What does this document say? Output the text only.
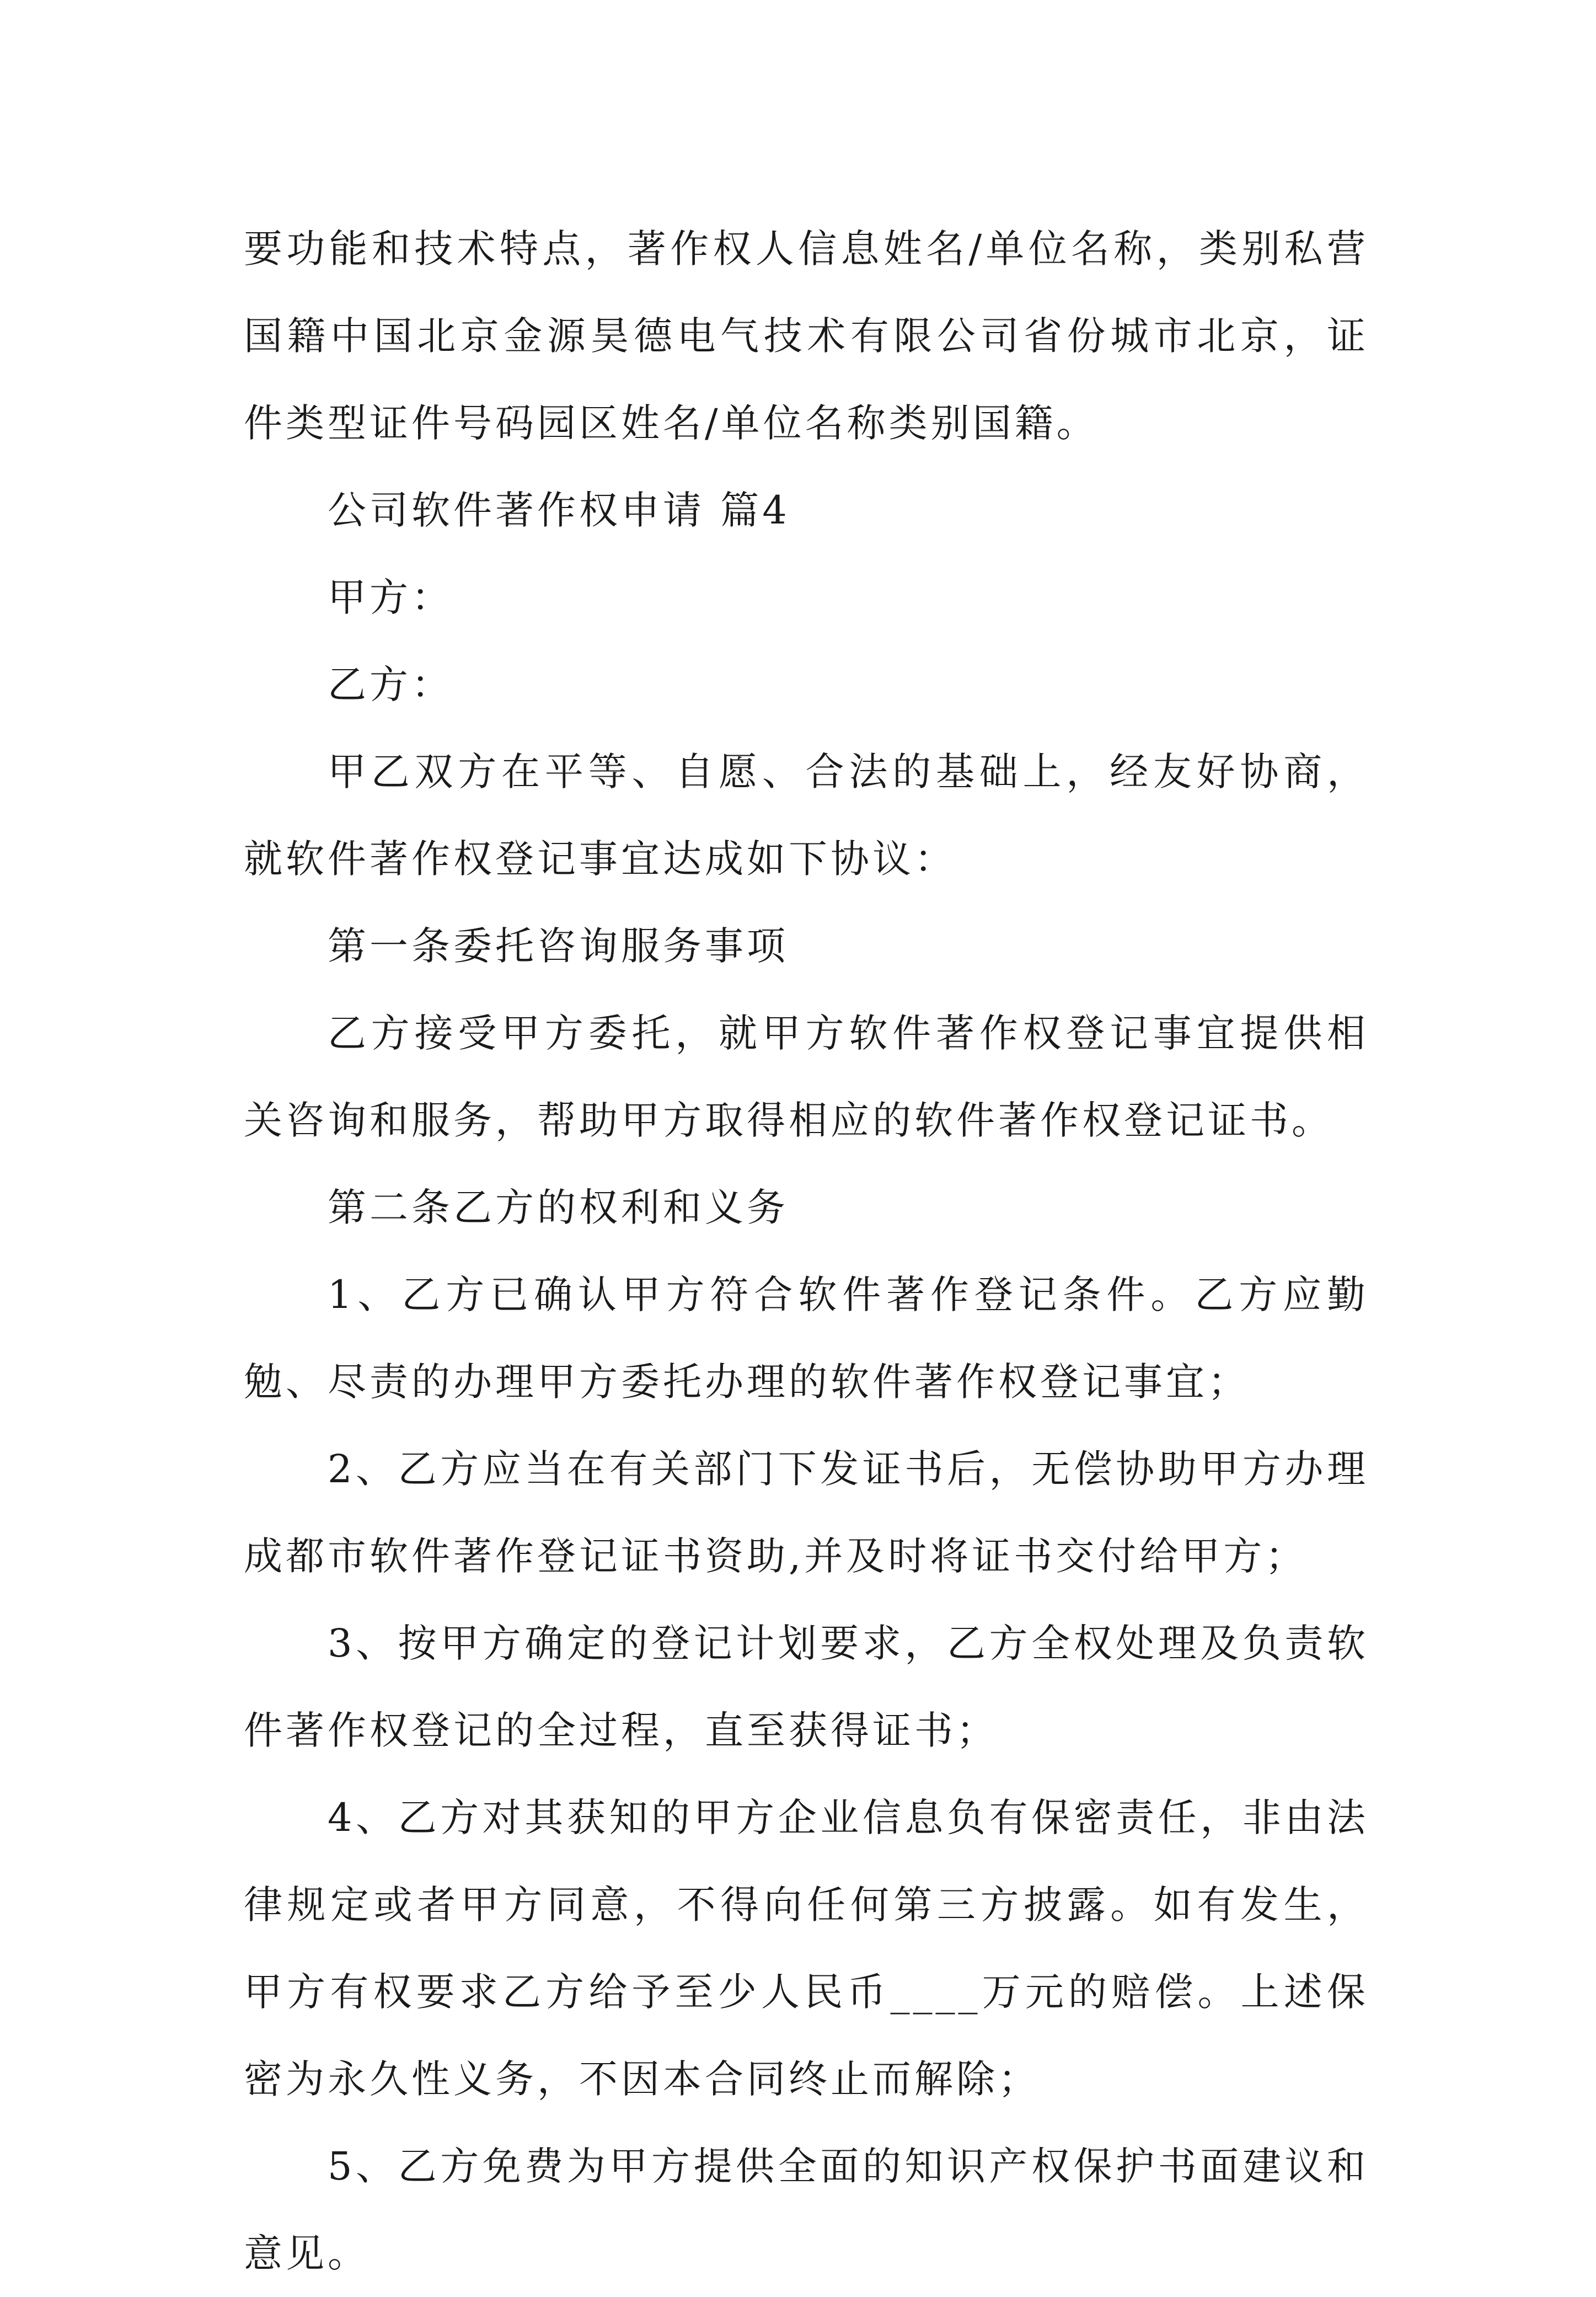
要功能和技术特点，著作权人信息姓名/单位名称，类别私营国籍中国北京金源昊德电气技术有限公司省份城市北京，证件类型证件号码园区姓名/单位名称类别国籍。

公司软件著作权申请 篇4

甲方：

乙方：

甲乙双方在平等、自愿、合法的基础上，经友好协商，就软件著作权登记事宜达成如下协议：

第一条委托咨询服务事项

乙方接受甲方委托，就甲方软件著作权登记事宜提供相关咨询和服务，帮助甲方取得相应的软件著作权登记证书。

第二条乙方的权利和义务

1、乙方已确认甲方符合软件著作登记条件。乙方应勤勉、尽责的办理甲方委托办理的软件著作权登记事宜；

2、乙方应当在有关部门下发证书后，无偿协助甲方办理成都市软件著作登记证书资助,并及时将证书交付给甲方；

3、按甲方确定的登记计划要求，乙方全权处理及负责软件著作权登记的全过程，直至获得证书；

4、乙方对其获知的甲方企业信息负有保密责任，非由法律规定或者甲方同意，不得向任何第三方披露。如有发生，甲方有权要求乙方给予至少人民币____万元的赔偿。上述保密为永久性义务，不因本合同终止而解除；

5、乙方免费为甲方提供全面的知识产权保护书面建议和意见。
